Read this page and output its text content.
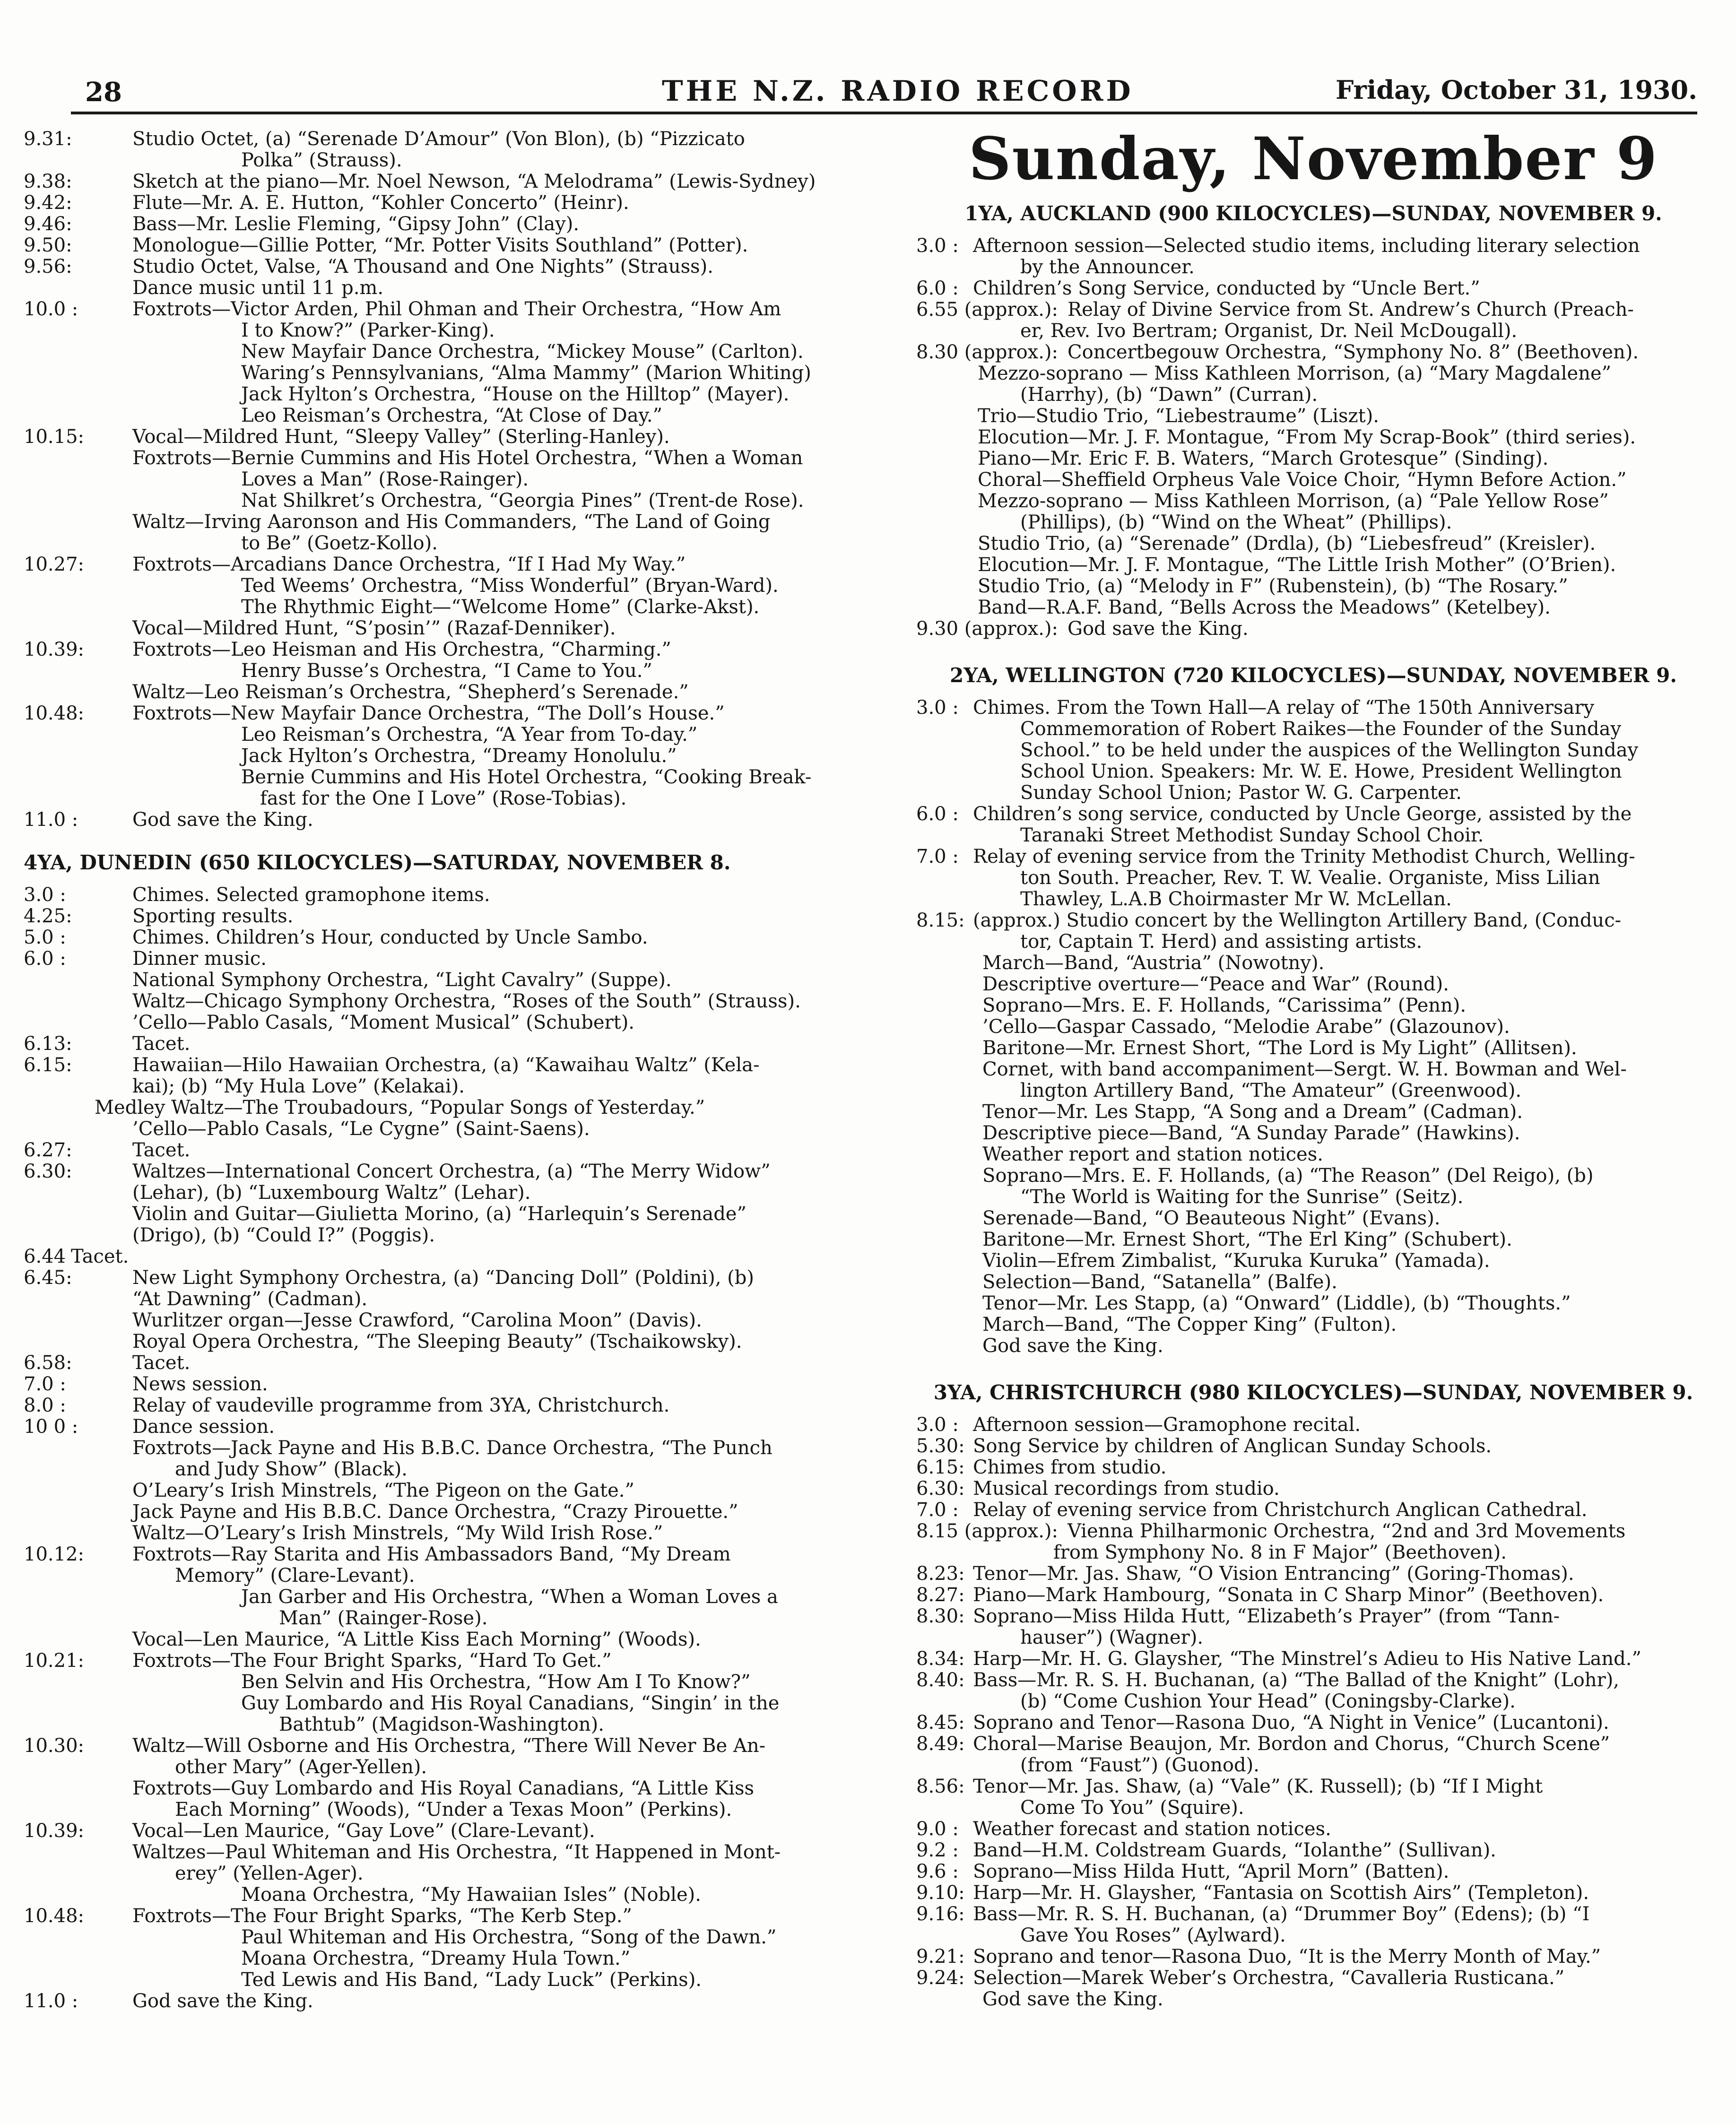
28	THE N.Z. RADIO RECORD	Friday, October 31, 1930.
9.31:	Studio Octet, (a) “Serenade D’Amour” (Von Blon), (b) “Pizzicato
Polka” (Strauss).
9.38:	Sketch at the piano—Mr. Noel Newson, “A Melodrama” (Lewis-Sydney)
9.42:	Flute—Mr. A. E. Hutton, “Kohler Concerto” (Heinr).
9.46:	Bass—Mr. Leslie Fleming, “Gipsy John” (Clay).
9.50:	Monologue—Gillie Potter, “Mr. Potter Visits Southland” (Potter).
9.56:	Studio Octet, Valse, “A Thousand and One Nights” (Strauss).
Dance music until 11 p.m.
10.0 :	Foxtrots—Victor Arden, Phil Ohman and Their Orchestra, “How Am
I to Know?” (Parker-King).
New Mayfair Dance Orchestra, “Mickey Mouse” (Carlton).
Waring’s Pennsylvanians, “Alma Mammy” (Marion Whiting)
Jack Hylton’s Orchestra, “House on the Hilltop” (Mayer).
Leo Reisman’s Orchestra, “At Close of Day.”
10.15:	Vocal—Mildred Hunt, “Sleepy Valley” (Sterling-Hanley).
Foxtrots—Bernie Cummins and His Hotel Orchestra, “When a Woman
Loves a Man” (Rose-Rainger).
Nat Shilkret’s Orchestra, “Georgia Pines” (Trent-de Rose).
Waltz—Irving Aaronson and His Commanders, “The Land of Going
to Be” (Goetz-Kollo).
10.27:	Foxtrots—Arcadians Dance Orchestra, “If I Had My Way.”
Ted Weems’ Orchestra, “Miss Wonderful” (Bryan-Ward).
The Rhythmic Eight—“Welcome Home” (Clarke-Akst).
Vocal—Mildred Hunt, “S’posin’” (Razaf-Denniker).
10.39:	Foxtrots—Leo Heisman and His Orchestra, “Charming.”
Henry Busse’s Orchestra, “I Came to You.”
Waltz—Leo Reisman’s Orchestra, “Shepherd’s Serenade.”
10.48:	Foxtrots—New Mayfair Dance Orchestra, “The Doll’s House.”
Leo Reisman’s Orchestra, “A Year from To-day.”
Jack Hylton’s Orchestra, “Dreamy Honolulu.”
Bernie Cummins and His Hotel Orchestra, “Cooking Break-
fast for the One I Love” (Rose-Tobias).
11.0 :	God save the King.
4YA, DUNEDIN (650 KILOCYCLES)—SATURDAY, NOVEMBER 8.
3.0 :	Chimes. Selected gramophone items.
4.25:	Sporting results.
5.0 :	Chimes. Children’s Hour, conducted by Uncle Sambo.
6.0 :	Dinner music.
National Symphony Orchestra, “Light Cavalry” (Suppe).
Waltz—Chicago Symphony Orchestra, “Roses of the South” (Strauss).
’Cello—Pablo Casals, “Moment Musical” (Schubert).
6.13:	Tacet.
6.15:	Hawaiian—Hilo Hawaiian Orchestra, (a) “Kawaihau Waltz” (Kela-
kai); (b) “My Hula Love” (Kelakai).
Medley Waltz—The Troubadours, “Popular Songs of Yesterday.”
’Cello—Pablo Casals, “Le Cygne” (Saint-Saens).
6.27:	Tacet.
6.30:	Waltzes—International Concert Orchestra, (a) “The Merry Widow”
(Lehar), (b) “Luxembourg Waltz” (Lehar).
Violin and Guitar—Giulietta Morino, (a) “Harlequin’s Serenade”
(Drigo), (b) “Could I?” (Poggis).
6.44 Tacet.
6.45:	New Light Symphony Orchestra, (a) “Dancing Doll” (Poldini), (b)
“At Dawning” (Cadman).
Wurlitzer organ—Jesse Crawford, “Carolina Moon” (Davis).
Royal Opera Orchestra, “The Sleeping Beauty” (Tschaikowsky).
6.58:	Tacet.
7.0 :	News session.
8.0 :	Relay of vaudeville programme from 3YA, Christchurch.
10 0 :	Dance session.
Foxtrots—Jack Payne and His B.B.C. Dance Orchestra, “The Punch
and Judy Show” (Black).
O’Leary’s Irish Minstrels, “The Pigeon on the Gate.”
Jack Payne and His B.B.C. Dance Orchestra, “Crazy Pirouette.”
Waltz—O’Leary’s Irish Minstrels, “My Wild Irish Rose.”
10.12:	Foxtrots—Ray Starita and His Ambassadors Band, “My Dream
Memory” (Clare-Levant).
Jan Garber and His Orchestra, “When a Woman Loves a
Man” (Rainger-Rose).
Vocal—Len Maurice, “A Little Kiss Each Morning” (Woods).
10.21:	Foxtrots—The Four Bright Sparks, “Hard To Get.”
Ben Selvin and His Orchestra, “How Am I To Know?”
Guy Lombardo and His Royal Canadians, “Singin’ in the
Bathtub” (Magidson-Washington).
10.30:	Waltz—Will Osborne and His Orchestra, “There Will Never Be An-
other Mary” (Ager-Yellen).
Foxtrots—Guy Lombardo and His Royal Canadians, “A Little Kiss
Each Morning” (Woods), “Under a Texas Moon” (Perkins).
10.39:	Vocal—Len Maurice, “Gay Love” (Clare-Levant).
Waltzes—Paul Whiteman and His Orchestra, “It Happened in Mont-
erey” (Yellen-Ager).
Moana Orchestra, “My Hawaiian Isles” (Noble).
10.48:	Foxtrots—The Four Bright Sparks, “The Kerb Step.”
Paul Whiteman and His Orchestra, “Song of the Dawn.”
Moana Orchestra, “Dreamy Hula Town.”
Ted Lewis and His Band, “Lady Luck” (Perkins).
11.0 :	God save the King.
Sunday, November 9
1YA, AUCKLAND (900 KILOCYCLES)—SUNDAY, NOVEMBER 9.
3.0 : Afternoon session—Selected studio items, including literary selection
by the Announcer.
6.0 : Children’s Song Service, conducted by “Uncle Bert.”
6.55 (approx.): Relay of Divine Service from St. Andrew’s Church (Preach-
er, Rev. Ivo Bertram; Organist, Dr. Neil McDougall).
8.30 (approx.): Concertbegouw Orchestra, “Symphony No. 8” (Beethoven).
Mezzo-soprano — Miss Kathleen Morrison, (a) “Mary Magdalene”
(Harrhy), (b) “Dawn” (Curran).
Trio—Studio Trio, “Liebestraume” (Liszt).
Elocution—Mr. J. F. Montague, “From My Scrap-Book” (third series).
Piano—Mr. Eric F. B. Waters, “March Grotesque” (Sinding).
Choral—Sheffield Orpheus Vale Voice Choir, “Hymn Before Action.”
Mezzo-soprano — Miss Kathleen Morrison, (a) “Pale Yellow Rose”
(Phillips), (b) “Wind on the Wheat” (Phillips).
Studio Trio, (a) “Serenade” (Drdla), (b) “Liebesfreud” (Kreisler).
Elocution—Mr. J. F. Montague, “The Little Irish Mother” (O’Brien).
Studio Trio, (a) “Melody in F” (Rubenstein), (b) “The Rosary.”
Band—R.A.F. Band, “Bells Across the Meadows” (Ketelbey).
9.30 (approx.): God save the King.
2YA, WELLINGTON (720 KILOCYCLES)—SUNDAY, NOVEMBER 9.
3.0 : Chimes. From the Town Hall—A relay of “The 150th Anniversary
Commemoration of Robert Raikes—the Founder of the Sunday
School.” to be held under the auspices of the Wellington Sunday
School Union. Speakers: Mr. W. E. Howe, President Wellington
Sunday School Union; Pastor W. G. Carpenter.
6.0 : Children’s song service, conducted by Uncle George, assisted by the
Taranaki Street Methodist Sunday School Choir.
7.0 : Relay of evening service from the Trinity Methodist Church, Welling-
ton South. Preacher, Rev. T. W. Vealie. Organiste, Miss Lilian
Thawley, L.A.B Choirmaster Mr W. McLellan.
8.15: (approx.) Studio concert by the Wellington Artillery Band, (Conduc-
tor, Captain T. Herd) and assisting artists.
March—Band, “Austria” (Nowotny).
Descriptive overture—“Peace and War” (Round).
Soprano—Mrs. E. F. Hollands, “Carissima” (Penn).
’Cello—Gaspar Cassado, “Melodie Arabe” (Glazounov).
Baritone—Mr. Ernest Short, “The Lord is My Light” (Allitsen).
Cornet, with band accompaniment—Sergt. W. H. Bowman and Wel-
lington Artillery Band, “The Amateur” (Greenwood).
Tenor—Mr. Les Stapp, “A Song and a Dream” (Cadman).
Descriptive piece—Band, “A Sunday Parade” (Hawkins).
Weather report and station notices.
Soprano—Mrs. E. F. Hollands, (a) “The Reason” (Del Reigo), (b)
“The World is Waiting for the Sunrise” (Seitz).
Serenade—Band, “O Beauteous Night” (Evans).
Baritone—Mr. Ernest Short, “The Erl King” (Schubert).
Violin—Efrem Zimbalist, “Kuruka Kuruka” (Yamada).
Selection—Band, “Satanella” (Balfe).
Tenor—Mr. Les Stapp, (a) “Onward” (Liddle), (b) “Thoughts.”
March—Band, “The Copper King” (Fulton).
God save the King.
3YA, CHRISTCHURCH (980 KILOCYCLES)—SUNDAY, NOVEMBER 9.
3.0 : Afternoon session—Gramophone recital.
5.30: Song Service by children of Anglican Sunday Schools.
6.15: Chimes from studio.
6.30: Musical recordings from studio.
7.0 : Relay of evening service from Christchurch Anglican Cathedral.
8.15 (approx.): Vienna Philharmonic Orchestra, “2nd and 3rd Movements
from Symphony No. 8 in F Major” (Beethoven).
8.23: Tenor—Mr. Jas. Shaw, “O Vision Entrancing” (Goring-Thomas).
8.27: Piano—Mark Hambourg, “Sonata in C Sharp Minor” (Beethoven).
8.30: Soprano—Miss Hilda Hutt, “Elizabeth’s Prayer” (from “Tann-
hauser”) (Wagner).
8.34: Harp—Mr. H. G. Glaysher, “The Minstrel’s Adieu to His Native Land.”
8.40: Bass—Mr. R. S. H. Buchanan, (a) “The Ballad of the Knight” (Lohr),
(b) “Come Cushion Your Head” (Coningsby-Clarke).
8.45: Soprano and Tenor—Rasona Duo, “A Night in Venice” (Lucantoni).
8.49: Choral—Marise Beaujon, Mr. Bordon and Chorus, “Church Scene”
(from “Faust”) (Guonod).
8.56: Tenor—Mr. Jas. Shaw, (a) “Vale” (K. Russell); (b) “If I Might
Come To You” (Squire).
9.0 : Weather forecast and station notices.
9.2 : Band—H.M. Coldstream Guards, “Iolanthe” (Sullivan).
9.6 : Soprano—Miss Hilda Hutt, “April Morn” (Batten).
9.10: Harp—Mr. H. Glaysher, “Fantasia on Scottish Airs” (Templeton).
9.16: Bass—Mr. R. S. H. Buchanan, (a) “Drummer Boy” (Edens); (b) “I
Gave You Roses” (Aylward).
9.21: Soprano and tenor—Rasona Duo, “It is the Merry Month of May.”
9.24: Selection—Marek Weber’s Orchestra, “Cavalleria Rusticana.”
God save the King.
